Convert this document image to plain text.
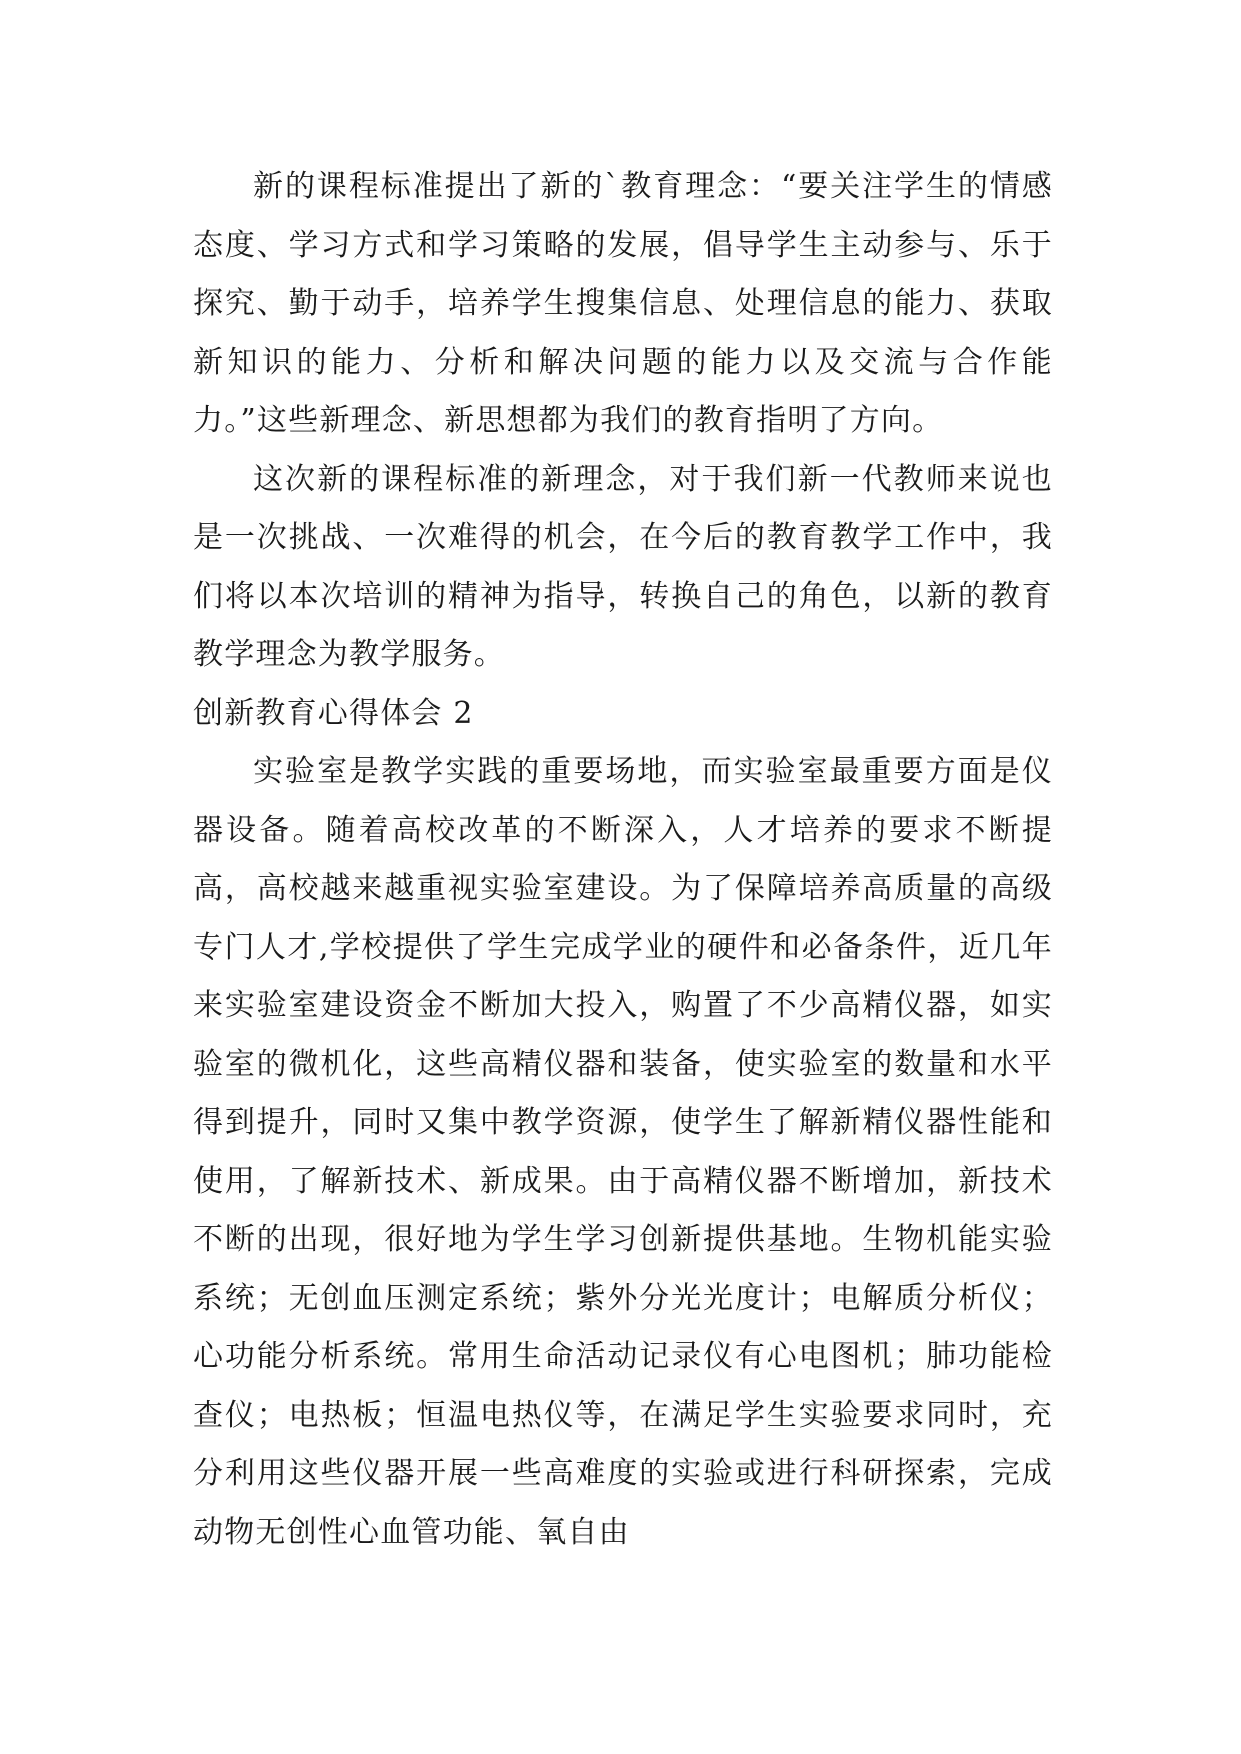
新的课程标准提出了新的`教育理念：“要关注学生的情感态度、学习方式和学习策略的发展，倡导学生主动参与、乐于探究、勤于动手，培养学生搜集信息、处理信息的能力、获取新知识的能力、分析和解决问题的能力以及交流与合作能力。”这些新理念、新思想都为我们的教育指明了方向。

这次新的课程标准的新理念，对于我们新一代教师来说也是一次挑战、一次难得的机会，在今后的教育教学工作中，我们将以本次培训的精神为指导，转换自己的角色，以新的教育教学理念为教学服务。

创新教育心得体会 2

实验室是教学实践的重要场地，而实验室最重要方面是仪器设备。随着高校改革的不断深入，人才培养的要求不断提高，高校越来越重视实验室建设。为了保障培养高质量的高级专门人才,学校提供了学生完成学业的硬件和必备条件，近几年来实验室建设资金不断加大投入，购置了不少高精仪器，如实验室的微机化，这些高精仪器和装备，使实验室的数量和水平得到提升，同时又集中教学资源，使学生了解新精仪器性能和使用，了解新技术、新成果。由于高精仪器不断增加，新技术不断的出现，很好地为学生学习创新提供基地。生物机能实验系统；无创血压测定系统；紫外分光光度计；电解质分析仪；心功能分析系统。常用生命活动记录仪有心电图机；肺功能检查仪；电热板；恒温电热仪等，在满足学生实验要求同时，充分利用这些仪器开展一些高难度的实验或进行科研探索，完成动物无创性心血管功能、氧自由
